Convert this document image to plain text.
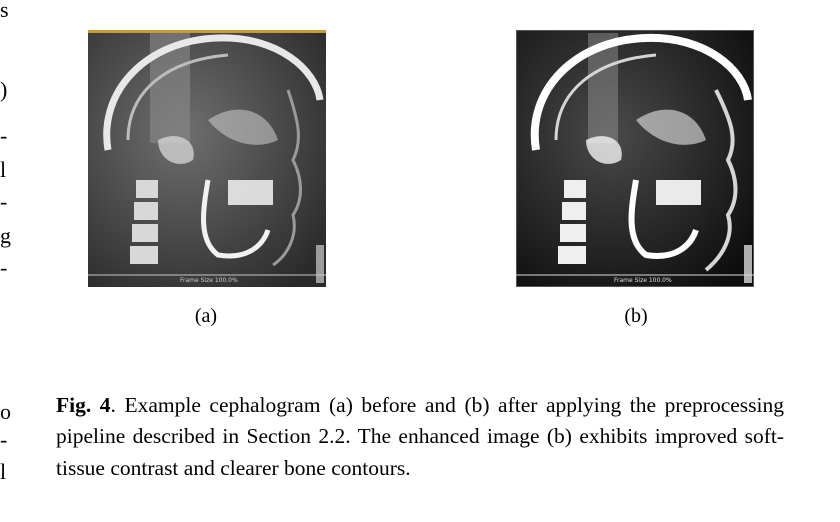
s
)
-
l
-
g
-
o
-
l
Frame Size 100.0%	Frame Size 100.0%
(a)	(b)

Fig. 4. Example cephalogram (a) before and (b) after applying the preprocessing pipeline described in Section 2.2. The enhanced image (b) exhibits improved soft-tissue contrast and clearer bone contours.
